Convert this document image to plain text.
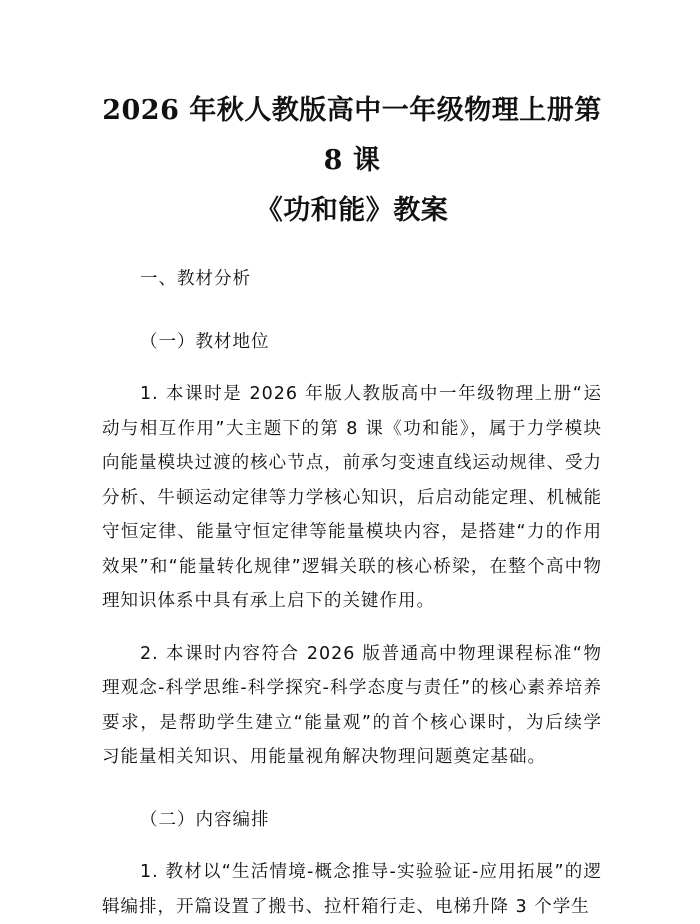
2026 年秋人教版高中一年级物理上册第 8 课
《功和能》教案
一、教材分析
（一）教材地位

1. 本课时是 2026 年版人教版高中一年级物理上册“运动与相互作用”大主题下的第 8 课《功和能》，属于力学模块向能量模块过渡的核心节点，前承匀变速直线运动规律、受力分析、牛顿运动定律等力学核心知识，后启动能定理、机械能守恒定律、能量守恒定律等能量模块内容，是搭建“力的作用效果”和“能量转化规律”逻辑关联的核心桥梁，在整个高中物理知识体系中具有承上启下的关键作用。

2. 本课时内容符合 2026 版普通高中物理课程标准“物理观念-科学思维-科学探究-科学态度与责任”的核心素养培养要求，是帮助学生建立“能量观”的首个核心课时，为后续学习能量相关知识、用能量视角解决物理问题奠定基础。

（二）内容编排

1. 教材以“生活情境-概念推导-实验验证-应用拓展”的逻辑编排，开篇设置了搬书、拉杆箱行走、电梯升降 3 个学生
